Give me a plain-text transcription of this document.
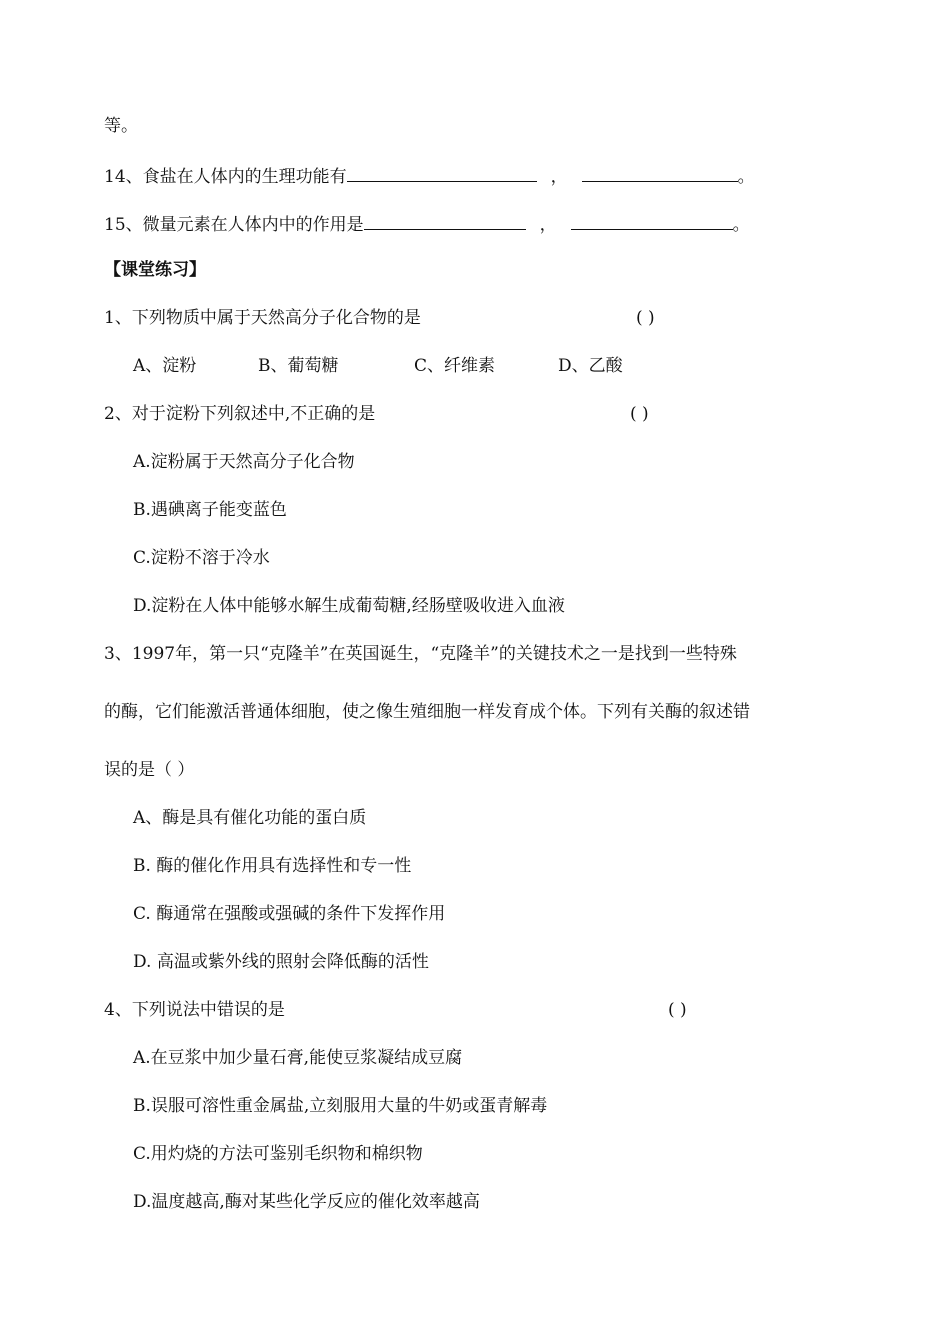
等。
14、食盐在人体内的生理功能有	，	。
15、微量元素在人体内中的作用是	，	。
【课堂练习】
1、下列物质中属于天然高分子化合物的是	( )
A、淀粉	B、葡萄糖	C、纤维素	D、乙酸
2、对于淀粉下列叙述中,不正确的是	( )
A.淀粉属于天然高分子化合物
B.遇碘离子能变蓝色
C.淀粉不溶于冷水
D.淀粉在人体中能够水解生成葡萄糖,经肠壁吸收进入血液
3、1997年，第一只“克隆羊”在英国诞生，“克隆羊”的关键技术之一是找到一些特殊
的酶，它们能激活普通体细胞，使之像生殖细胞一样发育成个体。下列有关酶的叙述错
误的是（ ）
A、酶是具有催化功能的蛋白质
B. 酶的催化作用具有选择性和专一性
C. 酶通常在强酸或强碱的条件下发挥作用
D. 高温或紫外线的照射会降低酶的活性
4、下列说法中错误的是	( )
A.在豆浆中加少量石膏,能使豆浆凝结成豆腐
B.误服可溶性重金属盐,立刻服用大量的牛奶或蛋青解毒
C.用灼烧的方法可鉴别毛织物和棉织物
D.温度越高,酶对某些化学反应的催化效率越高
